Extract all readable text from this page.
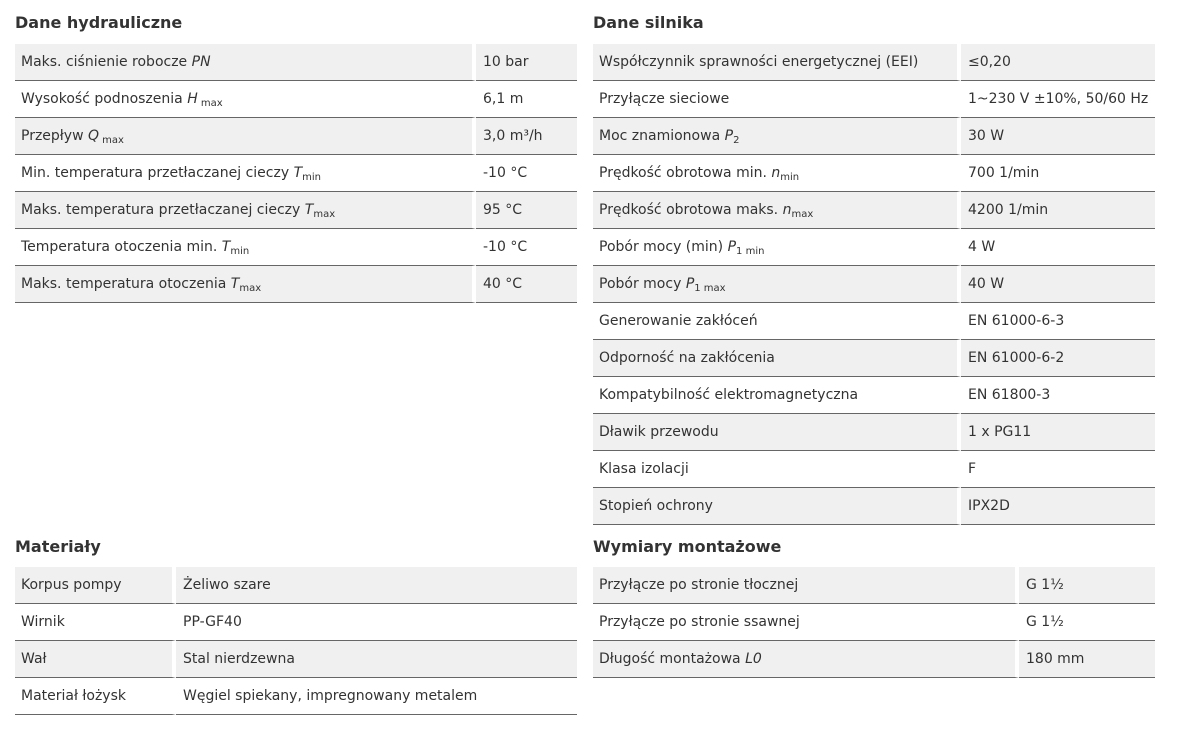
Dane hydrauliczne
Maks. ciśnienie robocze PN	10 bar
Wysokość podnoszenia H $_{max}$	6,1 m
Przepływ Q $_{max}$	3,0 m³/h
Min. temperatura przetłaczanej cieczy $T_{min}$	-10 °C
Maks. temperatura przetłaczanej cieczy $T_{max}$	95 °C
Temperatura otoczenia min. $T_{min}$	-10 °C
Maks. temperatura otoczenia $T_{max}$	40 °C
Dane silnika
Współczynnik sprawności energetycznej (EEI)	≤0,20
Przyłącze sieciowe	1~230 V ±10%, 50/60 Hz
Moc znamionowa $P_2$	30 W
Prędkość obrotowa min. $n_{min}$	700 1/min
Prędkość obrotowa maks. $n_{max}$	4200 1/min
Pobór mocy (min) $P_{1 min}$	4 W
Pobór mocy $P_{1 max}$	40 W
Generowanie zakłóceń	EN 61000-6-3
Odporność na zakłócenia	EN 61000-6-2
Kompatybilność elektromagnetyczna	EN 61800-3
Dławik przewodu	1 x PG11
Klasa izolacji	F
Stopień ochrony	IPX2D
Materiały
Korpus pompy	Żeliwo szare
Wirnik	PP-GF40
Wał	Stal nierdzewna
Materiał łożysk	Węgiel spiekany, impregnowany metalem
Wymiary montażowe
Przyłącze po stronie tłocznej	G 1½
Przyłącze po stronie ssawnej	G 1½
Długość montażowa L0	180 mm
